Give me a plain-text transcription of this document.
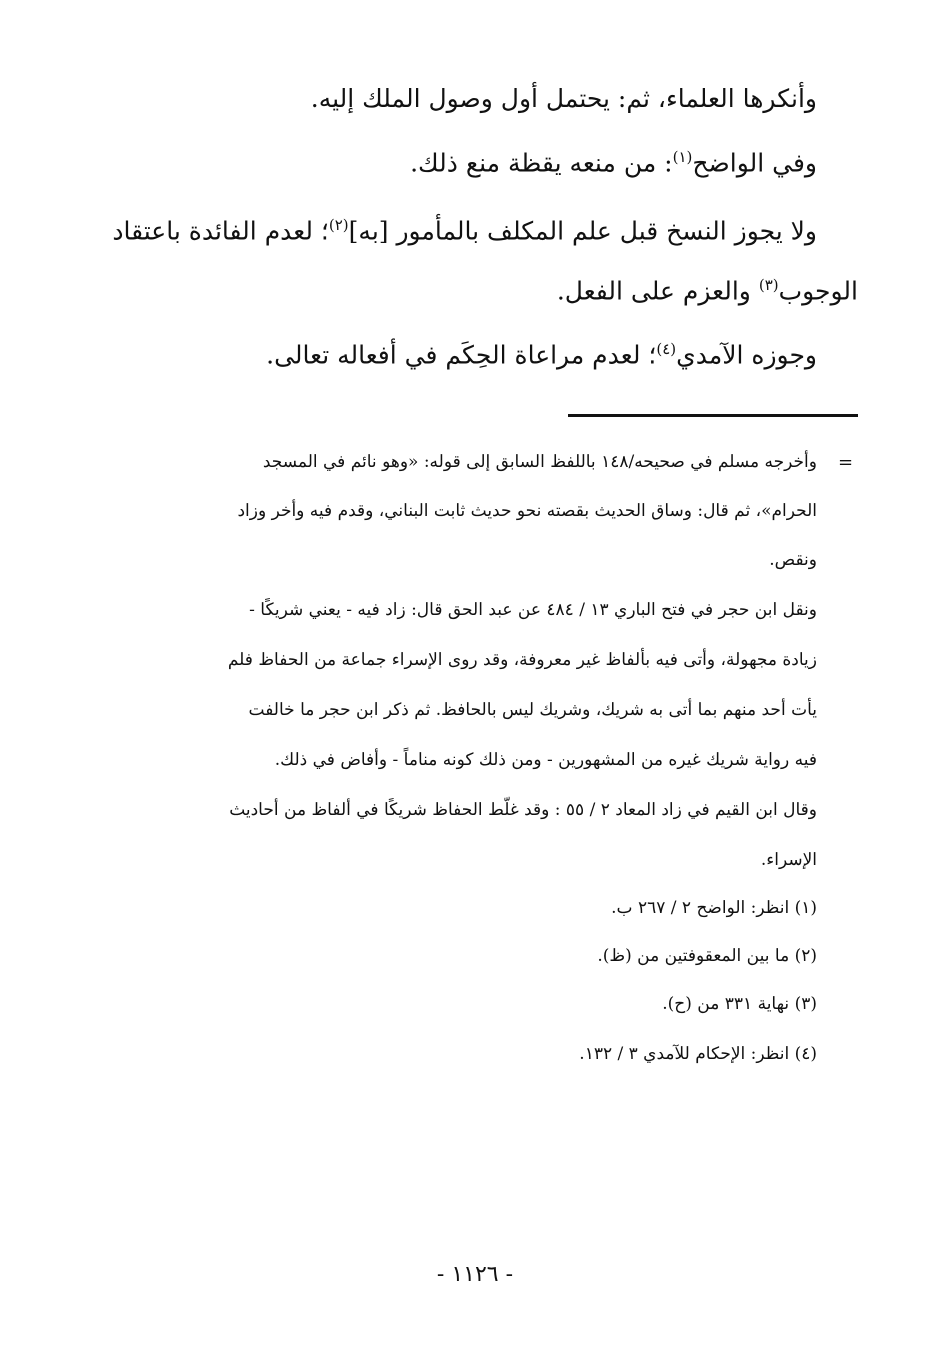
وأنكرها العلماء، ثم: يحتمل أول وصول الملك إليه.
وفي الواضح$^{(١)}$: من منعه يقظة منع ذلك.
ولا يجوز النسخ قبل علم المكلف بالمأمور [به]$^{(٢)}$؛ لعدم الفائدة باعتقاد
الوجوب$^{(٣)}$ والعزم على الفعل.
وجوزه الآمدي$^{(٤)}$؛ لعدم مراعاة الحِكَم في أفعاله تعالى.
=
وأخرجه مسلم في صحيحه/١٤٨ باللفظ السابق إلى قوله: «وهو نائم في المسجد
الحرام»، ثم قال: وساق الحديث بقصته نحو حديث ثابت البناني، وقدم فيه وأخر وزاد
ونقص.
ونقل ابن حجر في فتح الباري ١٣ / ٤٨٤ عن عبد الحق قال: زاد فيه - يعني شريكًا -
زيادة مجهولة، وأتى فيه بألفاظ غير معروفة، وقد روى الإسراء جماعة من الحفاظ فلم
يأت أحد منهم بما أتى به شريك، وشريك ليس بالحافظ. ثم ذكر ابن حجر ما خالفت
فيه رواية شريك غيره من المشهورين - ومن ذلك كونه مناماً - وأفاض في ذلك.
وقال ابن القيم في زاد المعاد ٢ / ٥٥ : وقد غلّط الحفاظ شريكًا في ألفاظ من أحاديث
الإسراء.
(١) انظر: الواضح ٢ / ٢٦٧ ب.
(٢) ما بين المعقوفتين من (ظ).
(٣) نهاية ٣٣١ من (ح).
(٤) انظر: الإحكام للآمدي ٣ / ١٣٢.
- ١١٢٦ -
